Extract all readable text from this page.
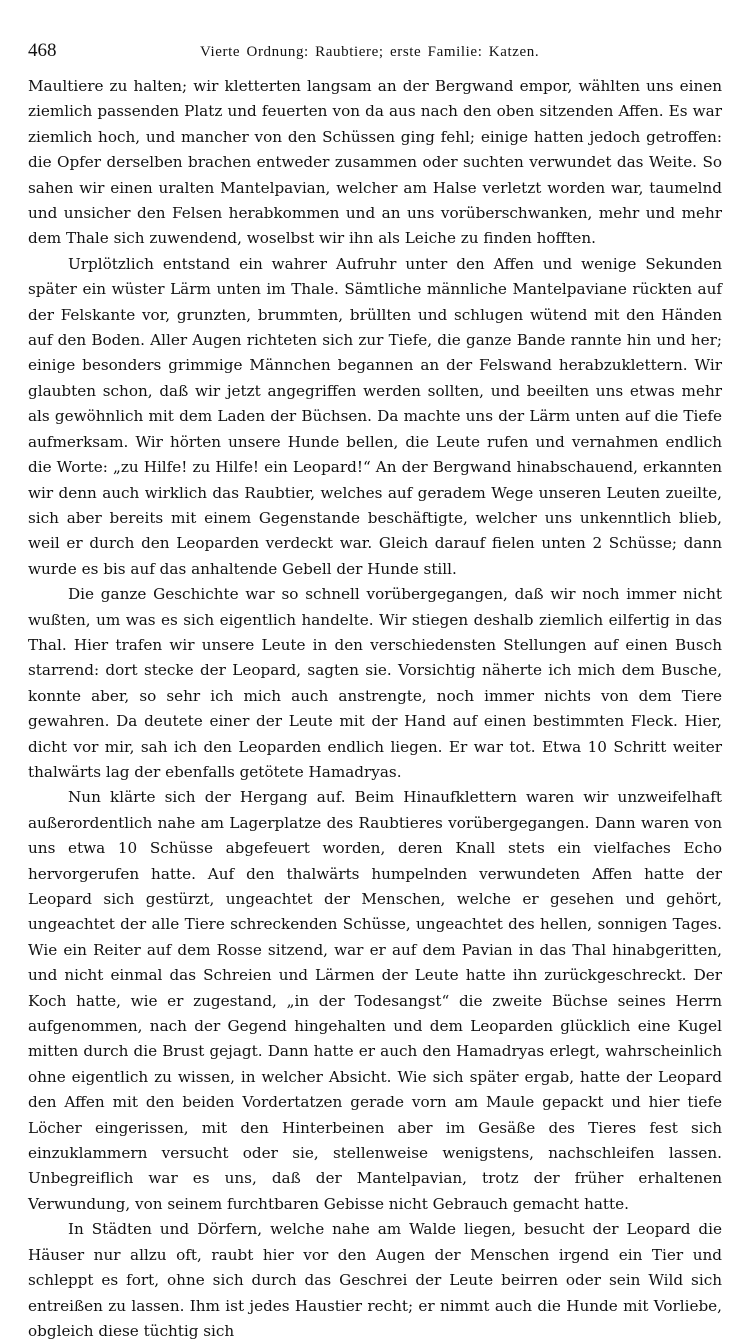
468	Vierte Ordnung: Raubtiere; erste Familie: Katzen.

Maultiere zu halten; wir kletterten langsam an der Bergwand empor, wählten uns einen ziemlich passenden Platz und feuerten von da aus nach den oben sitzenden Affen. Es war ziemlich hoch, und mancher von den Schüssen ging fehl; einige hatten jedoch getroffen: die Opfer derselben brachen entweder zusammen oder suchten verwundet das Weite. So sahen wir einen uralten Mantelpavian, welcher am Halse verletzt worden war, taumelnd und unsicher den Felsen herabkommen und an uns vorüberschwanken, mehr und mehr dem Thale sich zuwendend, woselbst wir ihn als Leiche zu finden hofften.

Urplötzlich entstand ein wahrer Aufruhr unter den Affen und wenige Sekunden später ein wüster Lärm unten im Thale. Sämtliche männliche Mantelpaviane rückten auf der Felskante vor, grunzten, brummten, brüllten und schlugen wütend mit den Händen auf den Boden. Aller Augen richteten sich zur Tiefe, die ganze Bande rannte hin und her; einige besonders grimmige Männchen begannen an der Felswand herabzuklettern. Wir glaubten schon, daß wir jetzt angegriffen werden sollten, und beeilten uns etwas mehr als gewöhnlich mit dem Laden der Büchsen. Da machte uns der Lärm unten auf die Tiefe aufmerksam. Wir hörten unsere Hunde bellen, die Leute rufen und vernahmen endlich die Worte: „zu Hilfe! zu Hilfe! ein Leopard!“ An der Bergwand hinabschauend, erkannten wir denn auch wirklich das Raubtier, welches auf geradem Wege unseren Leuten zueilte, sich aber bereits mit einem Gegenstande beschäftigte, welcher uns unkenntlich blieb, weil er durch den Leoparden verdeckt war. Gleich darauf fielen unten 2 Schüsse; dann wurde es bis auf das anhaltende Gebell der Hunde still.

Die ganze Geschichte war so schnell vorübergegangen, daß wir noch immer nicht wußten, um was es sich eigentlich handelte. Wir stiegen deshalb ziemlich eilfertig in das Thal. Hier trafen wir unsere Leute in den verschiedensten Stellungen auf einen Busch starrend: dort stecke der Leopard, sagten sie. Vorsichtig näherte ich mich dem Busche, konnte aber, so sehr ich mich auch anstrengte, noch immer nichts von dem Tiere gewahren. Da deutete einer der Leute mit der Hand auf einen bestimmten Fleck. Hier, dicht vor mir, sah ich den Leoparden endlich liegen. Er war tot. Etwa 10 Schritt weiter thalwärts lag der ebenfalls getötete Hamadryas.

Nun klärte sich der Hergang auf. Beim Hinaufklettern waren wir unzweifelhaft außerordentlich nahe am Lagerplatze des Raubtieres vorübergegangen. Dann waren von uns etwa 10 Schüsse abgefeuert worden, deren Knall stets ein vielfaches Echo hervorgerufen hatte. Auf den thalwärts humpelnden verwundeten Affen hatte der Leopard sich gestürzt, ungeachtet der Menschen, welche er gesehen und gehört, ungeachtet der alle Tiere schreckenden Schüsse, ungeachtet des hellen, sonnigen Tages. Wie ein Reiter auf dem Rosse sitzend, war er auf dem Pavian in das Thal hinabgeritten, und nicht einmal das Schreien und Lärmen der Leute hatte ihn zurückgeschreckt. Der Koch hatte, wie er zugestand, „in der Todesangst“ die zweite Büchse seines Herrn aufgenommen, nach der Gegend hingehalten und dem Leoparden glücklich eine Kugel mitten durch die Brust gejagt. Dann hatte er auch den Hamadryas erlegt, wahrscheinlich ohne eigentlich zu wissen, in welcher Absicht. Wie sich später ergab, hatte der Leopard den Affen mit den beiden Vordertatzen gerade vorn am Maule gepackt und hier tiefe Löcher eingerissen, mit den Hinterbeinen aber im Gesäße des Tieres fest sich einzuklammern versucht oder sie, stellenweise wenigstens, nachschleifen lassen. Unbegreiflich war es uns, daß der Mantelpavian, trotz der früher erhaltenen Verwundung, von seinem furchtbaren Gebisse nicht Gebrauch gemacht hatte.

In Städten und Dörfern, welche nahe am Walde liegen, besucht der Leopard die Häuser nur allzu oft, raubt hier vor den Augen der Menschen irgend ein Tier und schleppt es fort, ohne sich durch das Geschrei der Leute beirren oder sein Wild sich entreißen zu lassen. Ihm ist jedes Haustier recht; er nimmt auch die Hunde mit Vorliebe, obgleich diese tüchtig sich
